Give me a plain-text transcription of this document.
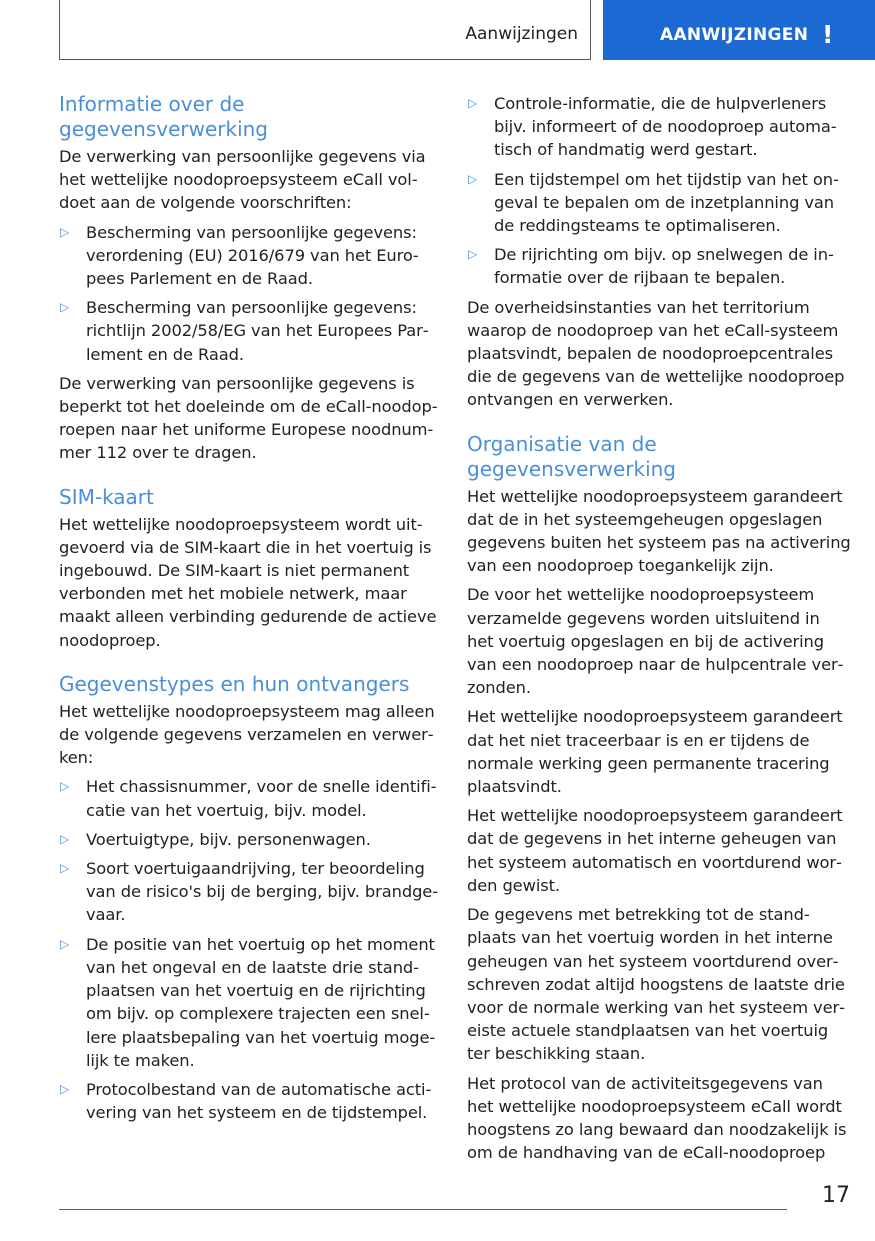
Aanwijzingen	AANWIJZINGEN !
Informatie over de gegevensverwerking

De verwerking van persoonlijke gegevens via het wettelijke noodoproepsysteem eCall voldoet aan de volgende voorschriften:

▷ Bescherming van persoonlijke gegevens: verordening (EU) 2016/679 van het Europees Parlement en de Raad.
▷ Bescherming van persoonlijke gegevens: richtlijn 2002/58/EG van het Europees Parlement en de Raad.

De verwerking van persoonlijke gegevens is beperkt tot het doeleinde om de eCall-noodoproepen naar het uniforme Europese noodnummer 112 over te dragen.

SIM-kaart

Het wettelijke noodoproepsysteem wordt uitgevoerd via de SIM-kaart die in het voertuig is ingebouwd. De SIM-kaart is niet permanent verbonden met het mobiele netwerk, maar maakt alleen verbinding gedurende de actieve noodoproep.

Gegevenstypes en hun ontvangers

Het wettelijke noodoproepsysteem mag alleen de volgende gegevens verzamelen en verwerken:

▷ Het chassisnummer, voor de snelle identificatie van het voertuig, bijv. model.
▷ Voertuigtype, bijv. personenwagen.
▷ Soort voertuigaandrijving, ter beoordeling van de risico's bij de berging, bijv. brandgevaar.
▷ De positie van het voertuig op het moment van het ongeval en de laatste drie standplaatsen van het voertuig en de rijrichting om bijv. op complexere trajecten een snellere plaatsbepaling van het voertuig mogelijk te maken.
▷ Protocolbestand van de automatische activering van het systeem en de tijdstempel.
▷ Controle-informatie, die de hulpverleners bijv. informeert of de noodoproep automatisch of handmatig werd gestart.
▷ Een tijdstempel om het tijdstip van het ongeval te bepalen om de inzetplanning van de reddingsteams te optimaliseren.
▷ De rijrichting om bijv. op snelwegen de informatie over de rijbaan te bepalen.

De overheidsinstanties van het territorium waarop de noodoproep van het eCall-systeem plaatsvindt, bepalen de noodoproepcentrales die de gegevens van de wettelijke noodoproep ontvangen en verwerken.

Organisatie van de gegevensverwerking

Het wettelijke noodoproepsysteem garandeert dat de in het systeemgeheugen opgeslagen gegevens buiten het systeem pas na activering van een noodoproep toegankelijk zijn.

De voor het wettelijke noodoproepsysteem verzamelde gegevens worden uitsluitend in het voertuig opgeslagen en bij de activering van een noodoproep naar de hulpcentrale verzonden.

Het wettelijke noodoproepsysteem garandeert dat het niet traceerbaar is en er tijdens de normale werking geen permanente tracering plaatsvindt.

Het wettelijke noodoproepsysteem garandeert dat de gegevens in het interne geheugen van het systeem automatisch en voortdurend worden gewist.

De gegevens met betrekking tot de standplaats van het voertuig worden in het interne geheugen van het systeem voortdurend overschreven zodat altijd hoogstens de laatste drie voor de normale werking van het systeem vereiste actuele standplaatsen van het voertuig ter beschikking staan.

Het protocol van de activiteitsgegevens van het wettelijke noodoproepsysteem eCall wordt hoogstens zo lang bewaard dan noodzakelijk is om de handhaving van de eCall-noodoproep

17
